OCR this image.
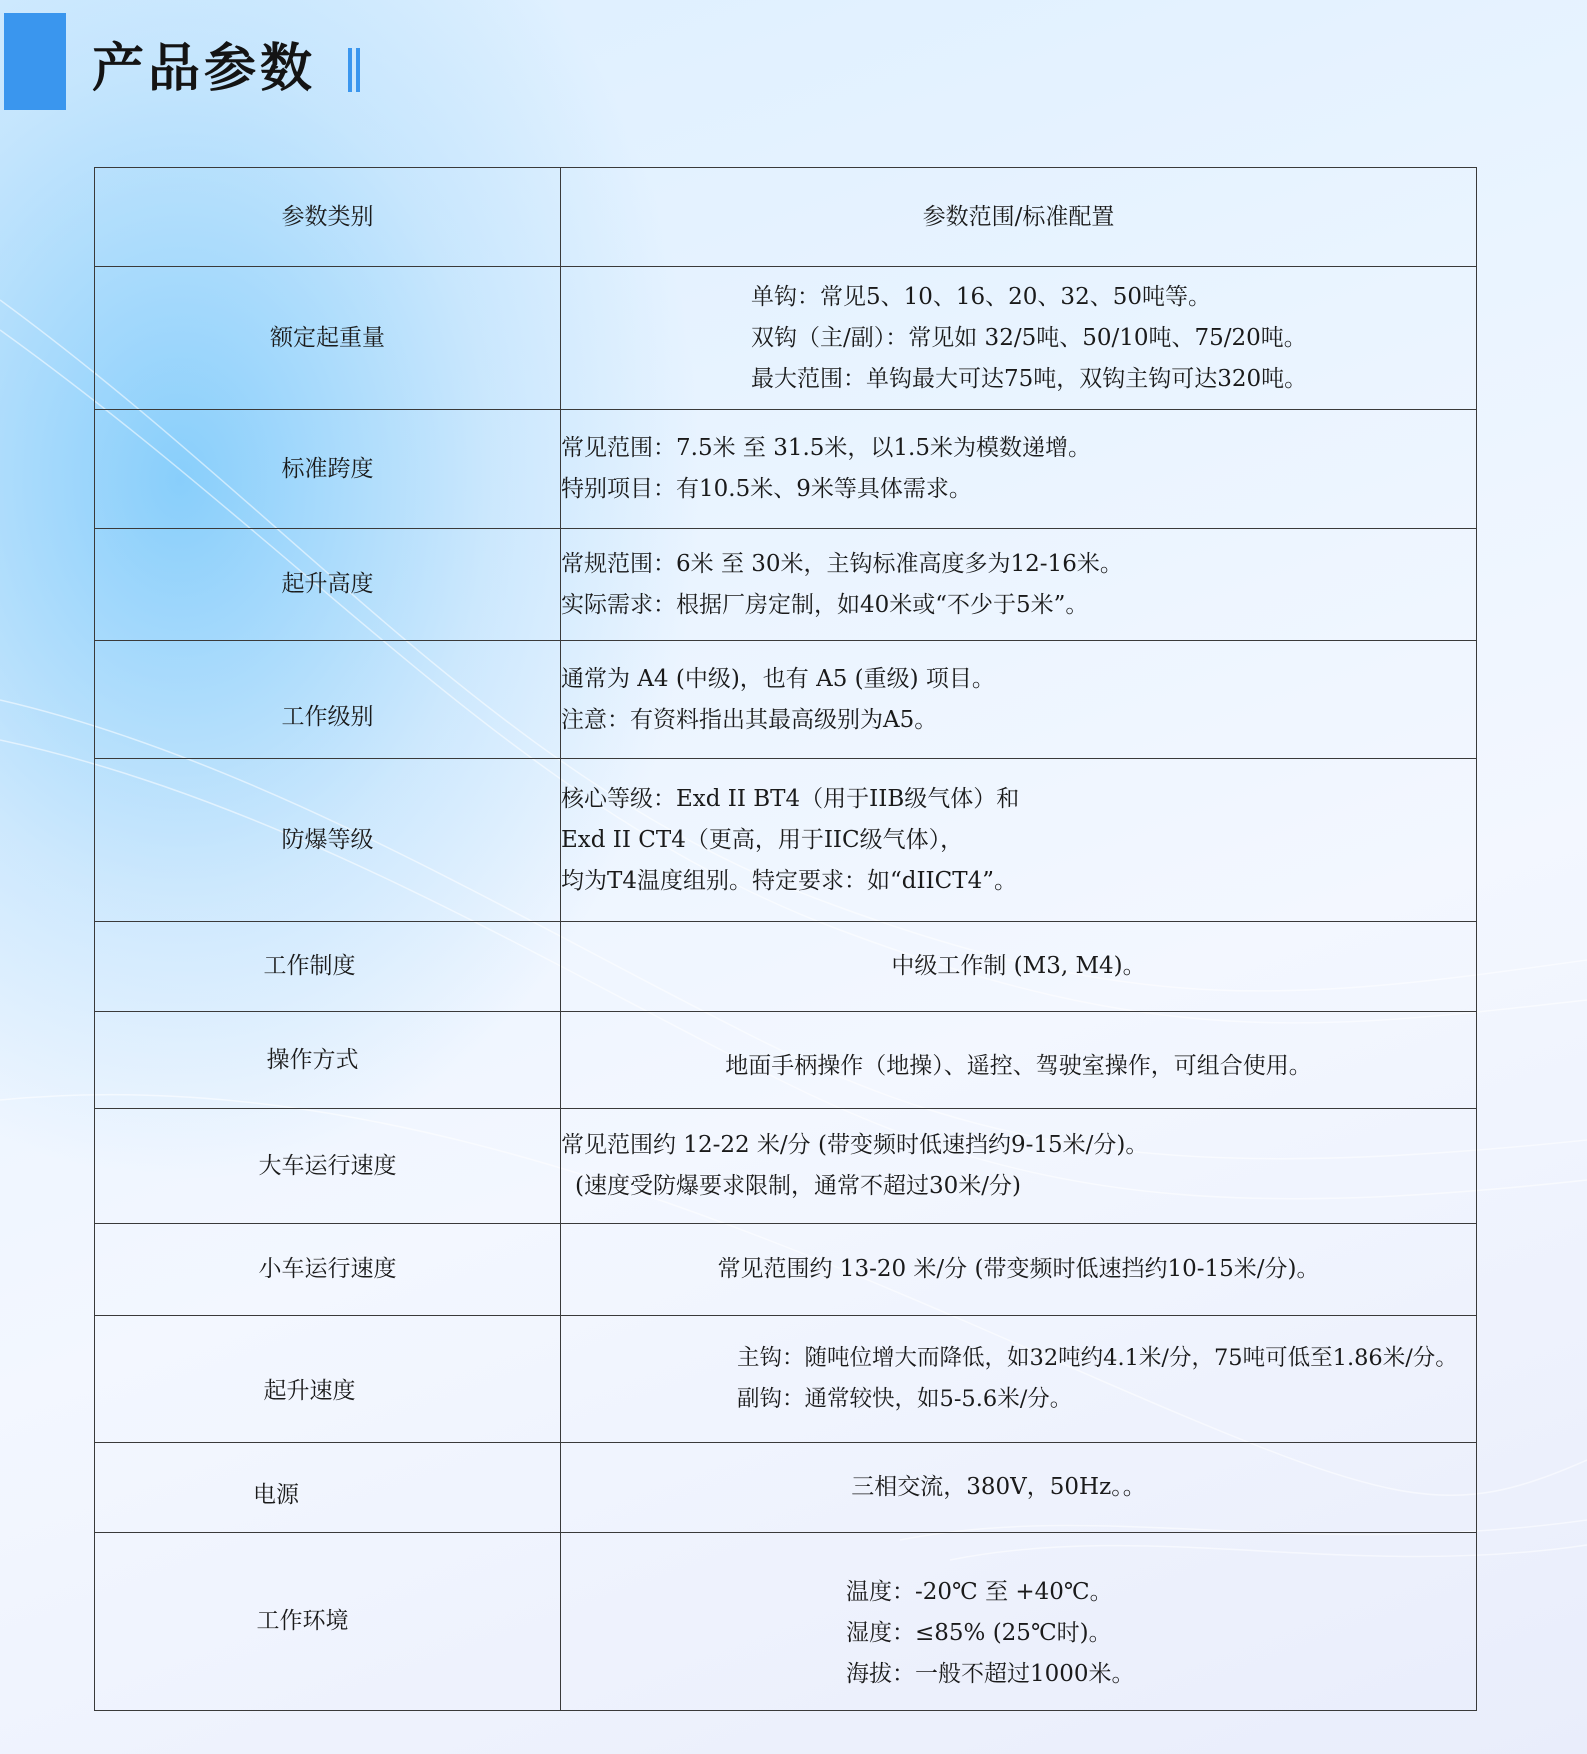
产品参数
参数类别	参数范围/标准配置
额定起重量	单钩：常见5、10、16、20、32、50吨等。
双钩（主/副）：常见如 32/5吨、50/10吨、75/20吨。
最大范围：单钩最大可达75吨，双钩主钩可达320吨。

标准跨度	常见范围：7.5米 至 31.5米，以1.5米为模数递增。
特别项目：有10.5米、9米等具体需求。

起升高度	常规范围：6米 至 30米，主钩标准高度多为12-16米。
实际需求：根据厂房定制，如40米或“不少于5米”。

工作级别	通常为 A4 (中级)，也有 A5 (重级) 项目。
注意：有资料指出其最高级别为A5。

防爆等级	核心等级：Exd II BT4（用于IIB级气体）和
Exd II CT4（更高，用于IIC级气体），
均为T4温度组别。特定要求：如“dIICT4”。

工作制度	中级工作制 (M3, M4)。
操作方式	地面手柄操作（地操）、遥控、驾驶室操作，可组合使用。
大车运行速度	常见范围约 12-22 米/分 (带变频时低速挡约9-15米/分)。
(速度受防爆要求限制，通常不超过30米/分)

小车运行速度	常见范围约 13-20 米/分 (带变频时低速挡约10-15米/分)。
起升速度	主钩：随吨位增大而降低，如32吨约4.1米/分，75吨可低至1.86米/分。
副钩：通常较快，如5-5.6米/分。

电源	三相交流，380V，50Hz。。
工作环境	温度：-20℃ 至 +40℃。
湿度：≤85% (25℃时)。
海拔：一般不超过1000米。
